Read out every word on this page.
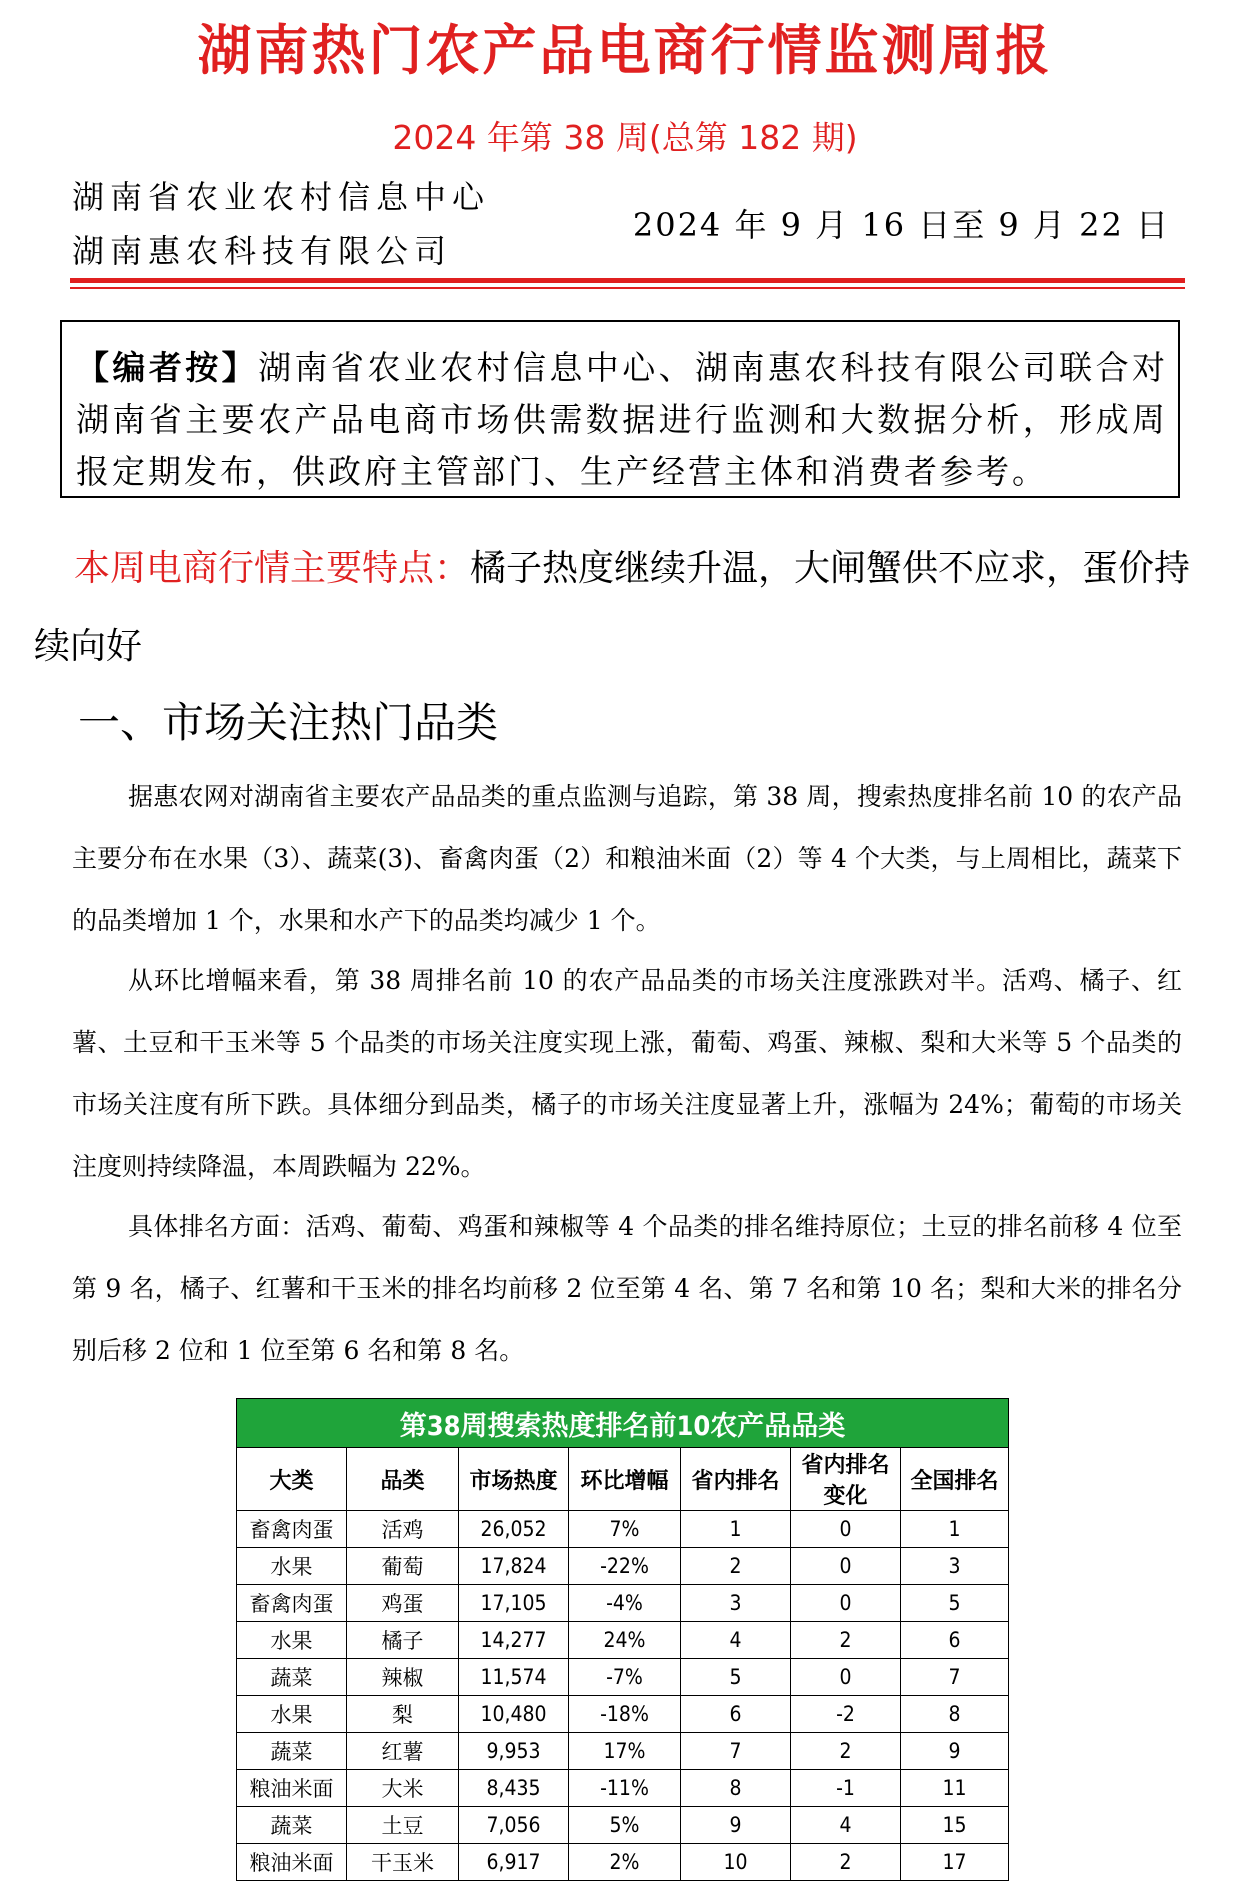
湖南热门农产品电商行情监测周报
2024 年第 38 周(总第 182 期)
湖南省农业农村信息中心
湖南惠农科技有限公司
2024 年 9 月 16 日至 9 月 22 日
【编者按】湖南省农业农村信息中心、湖南惠农科技有限公司联合对湖南省主要农产品电商市场供需数据进行监测和大数据分析，形成周报定期发布，供政府主管部门、生产经营主体和消费者参考。
本周电商行情主要特点：橘子热度继续升温，大闸蟹供不应求，蛋价持续向好
一、市场关注热门品类
据惠农网对湖南省主要农产品品类的重点监测与追踪，第 38 周，搜索热度排名前 10 的农产品主要分布在水果（3）、蔬菜(3)、畜禽肉蛋（2）和粮油米面（2）等 4 个大类，与上周相比，蔬菜下的品类增加 1 个，水果和水产下的品类均减少 1 个。
从环比增幅来看，第 38 周排名前 10 的农产品品类的市场关注度涨跌对半。活鸡、橘子、红薯、土豆和干玉米等 5 个品类的市场关注度实现上涨，葡萄、鸡蛋、辣椒、梨和大米等 5 个品类的市场关注度有所下跌。具体细分到品类，橘子的市场关注度显著上升，涨幅为 24%；葡萄的市场关注度则持续降温，本周跌幅为 22%。
具体排名方面：活鸡、葡萄、鸡蛋和辣椒等 4 个品类的排名维持原位；土豆的排名前移 4 位至第 9 名，橘子、红薯和干玉米的排名均前移 2 位至第 4 名、第 7 名和第 10 名；梨和大米的排名分别后移 2 位和 1 位至第 6 名和第 8 名。
第38周搜索热度排名前10农产品品类						
大类	品类	市场热度	环比增幅	省内排名	省内排名变化	全国排名
畜禽肉蛋	活鸡	26,052	7%	1	0	1
水果	葡萄	17,824	-22%	2	0	3
畜禽肉蛋	鸡蛋	17,105	-4%	3	0	5
水果	橘子	14,277	24%	4	2	6
蔬菜	辣椒	11,574	-7%	5	0	7
水果	梨	10,480	-18%	6	-2	8
蔬菜	红薯	9,953	17%	7	2	9
粮油米面	大米	8,435	-11%	8	-1	11
蔬菜	土豆	7,056	5%	9	4	15
粮油米面	干玉米	6,917	2%	10	2	17
